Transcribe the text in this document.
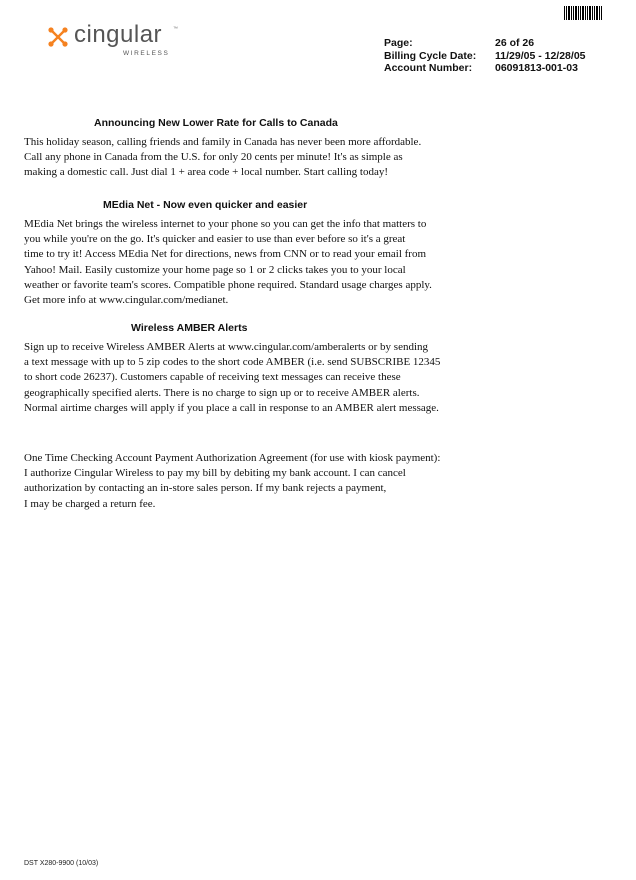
cingular ™
WIRELESS
Page:	26 of 26
Billing Cycle Date:	11/29/05 - 12/28/05
Account Number:	06091813-001-03
Announcing New Lower Rate for Calls to Canada
This holiday season, calling friends and family in Canada has never been more affordable.
Call any phone in Canada from the U.S. for only 20 cents per minute! It's as simple as
making a domestic call. Just dial 1 + area code + local number. Start calling today!
MEdia Net - Now even quicker and easier
MEdia Net brings the wireless internet to your phone so you can get the info that matters to
you while you're on the go. It's quicker and easier to use than ever before so it's a great
time to try it! Access MEdia Net for directions, news from CNN or to read your email from
Yahoo! Mail. Easily customize your home page so 1 or 2 clicks takes you to your local
weather or favorite team's scores. Compatible phone required. Standard usage charges apply.
Get more info at www.cingular.com/medianet.
Wireless AMBER Alerts
Sign up to receive Wireless AMBER Alerts at www.cingular.com/amberalerts or by sending
a text message with up to 5 zip codes to the short code AMBER (i.e. send SUBSCRIBE 12345
to short code 26237). Customers capable of receiving text messages can receive these
geographically specified alerts. There is no charge to sign up or to receive AMBER alerts.
Normal airtime charges will apply if you place a call in response to an AMBER alert message.
One Time Checking Account Payment Authorization Agreement (for use with kiosk payment):
I authorize Cingular Wireless to pay my bill by debiting my bank account. I can cancel
authorization by contacting an in-store sales person. If my bank rejects a payment,
I may be charged a return fee.
DST X280-9900 (10/03)
